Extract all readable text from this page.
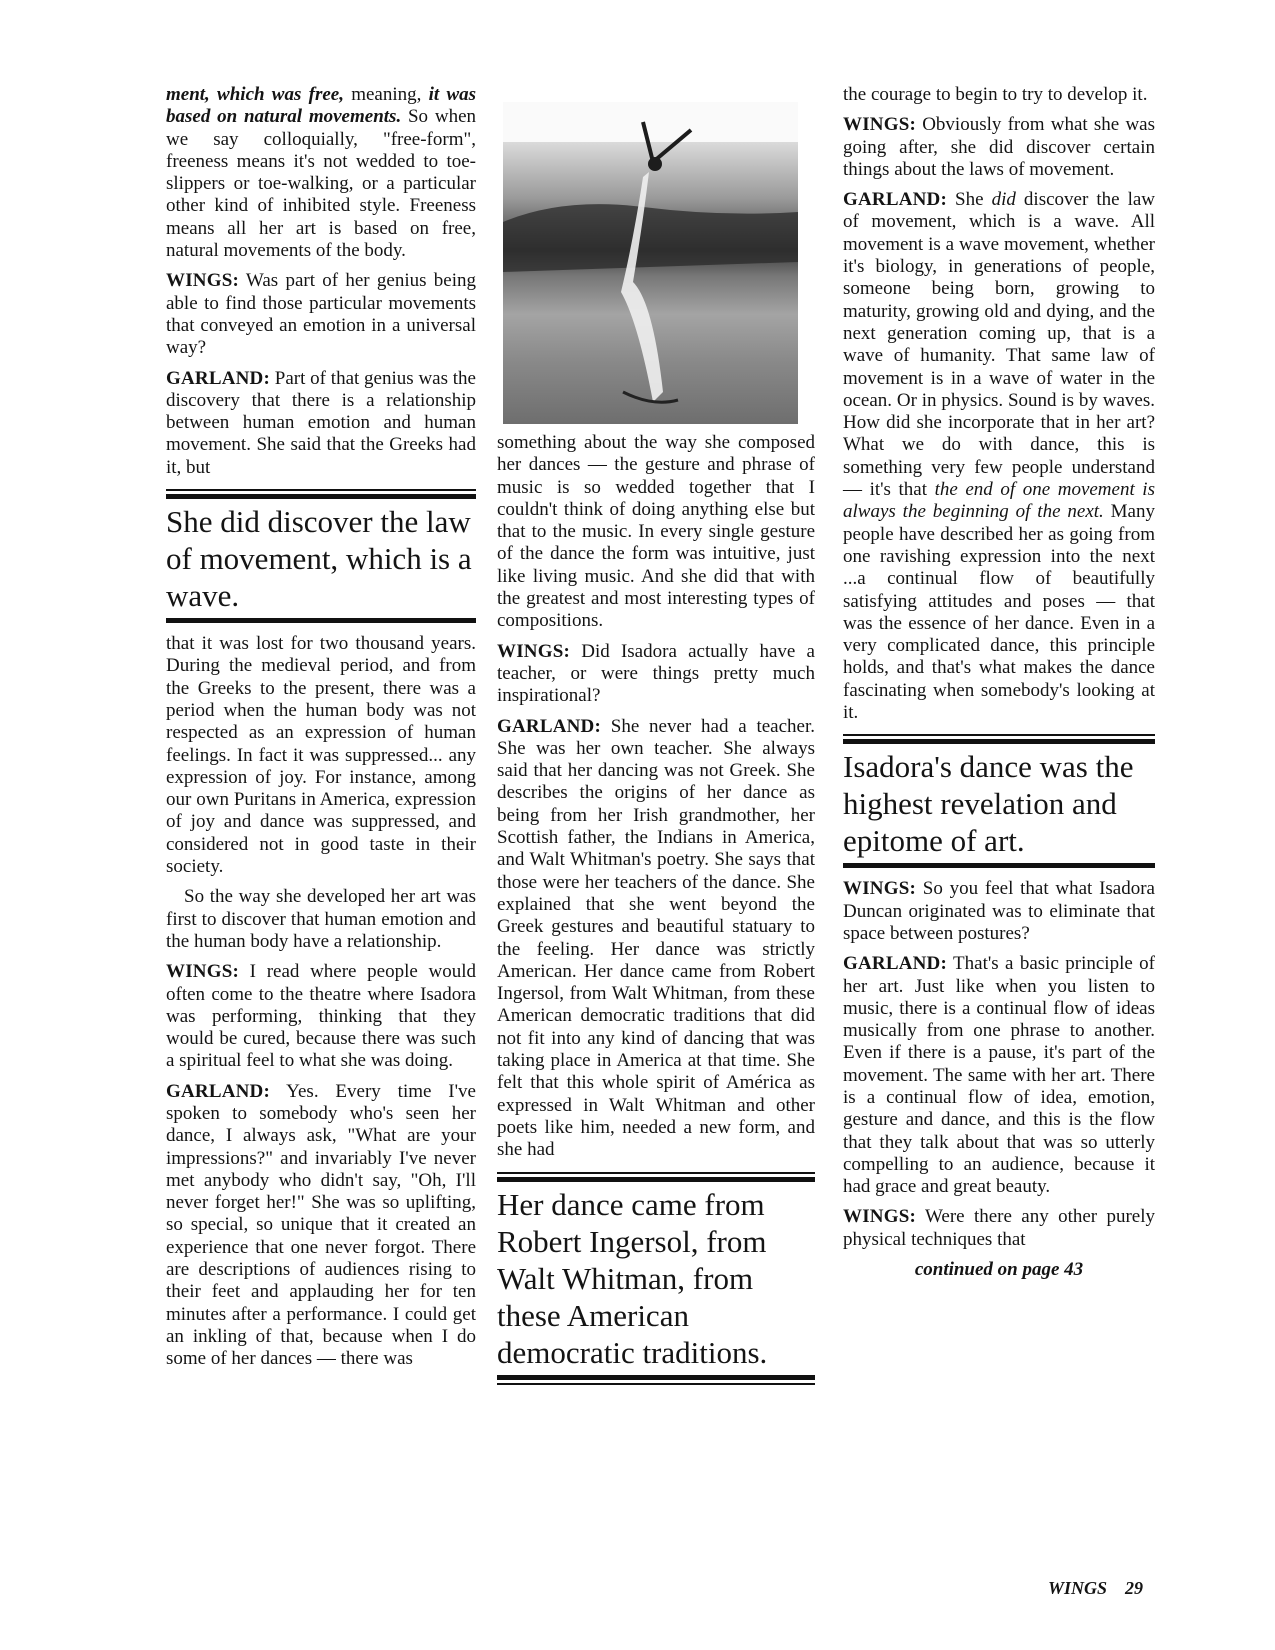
ment, which was free, meaning, it was based on natural movements. So when we say colloquially, "free-form", freeness means it's not wedded to toe-slippers or toe-walking, or a particular other kind of inhibited style. Freeness means all her art is based on free, natural movements of the body.

WINGS: Was part of her genius being able to find those particular movements that conveyed an emotion in a universal way?

GARLAND: Part of that genius was the discovery that there is a relationship between human emotion and human movement. She said that the Greeks had it, but

She did discover the law of movement, which is a wave.

that it was lost for two thousand years. During the medieval period, and from the Greeks to the present, there was a period when the human body was not respected as an expression of human feelings. In fact it was suppressed... any expression of joy. For instance, among our own Puritans in America, expression of joy and dance was suppressed, and considered not in good taste in their society.

So the way she developed her art was first to discover that human emotion and the human body have a relationship.

WINGS: I read where people would often come to the theatre where Isadora was performing, thinking that they would be cured, because there was such a spiritual feel to what she was doing.

GARLAND: Yes. Every time I've spoken to somebody who's seen her dance, I always ask, "What are your impressions?" and invariably I've never met anybody who didn't say, "Oh, I'll never forget her!" She was so uplifting, so special, so unique that it created an experience that one never forgot. There are descriptions of audiences rising to their feet and applauding her for ten minutes after a performance. I could get an inkling of that, because when I do some of her dances — there was

something about the way she composed her dances — the gesture and phrase of music is so wedded together that I couldn't think of doing anything else but that to the music. In every single gesture of the dance the form was intuitive, just like living music. And she did that with the greatest and most interesting types of compositions.

WINGS: Did Isadora actually have a teacher, or were things pretty much inspirational?

GARLAND: She never had a teacher. She was her own teacher. She always said that her dancing was not Greek. She describes the origins of her dance as being from her Irish grandmother, her Scottish father, the Indians in America, and Walt Whitman's poetry. She says that those were her teachers of the dance. She explained that she went beyond the Greek gestures and beautiful statuary to the feeling. Her dance was strictly American. Her dance came from Robert Ingersol, from Walt Whitman, from these American democratic traditions that did not fit into any kind of dancing that was taking place in America at that time. She felt that this whole spirit of América as expressed in Walt Whitman and other poets like him, needed a new form, and she had

Her dance came from Robert Ingersol, from Walt Whitman, from these American democratic traditions.

the courage to begin to try to develop it.

WINGS: Obviously from what she was going after, she did discover certain things about the laws of movement.

GARLAND: She did discover the law of movement, which is a wave. All movement is a wave movement, whether it's biology, in generations of people, someone being born, growing to maturity, growing old and dying, and the next generation coming up, that is a wave of humanity. That same law of movement is in a wave of water in the ocean. Or in physics. Sound is by waves. How did she incorporate that in her art? What we do with dance, this is something very few people understand — it's that the end of one movement is always the beginning of the next. Many people have described her as going from one ravishing expression into the next ...a continual flow of beautifully satisfying attitudes and poses — that was the essence of her dance. Even in a very complicated dance, this principle holds, and that's what makes the dance fascinating when somebody's looking at it.

Isadora's dance was the highest revelation and epitome of art.

WINGS: So you feel that what Isadora Duncan originated was to eliminate that space between postures?

GARLAND: That's a basic principle of her art. Just like when you listen to music, there is a continual flow of ideas musically from one phrase to another. Even if there is a pause, it's part of the movement. The same with her art. There is a continual flow of idea, emotion, gesture and dance, and this is the flow that they talk about that was so utterly compelling to an audience, because it had grace and great beauty.

WINGS: Were there any other purely physical techniques that

continued on page 43
WINGS 29
